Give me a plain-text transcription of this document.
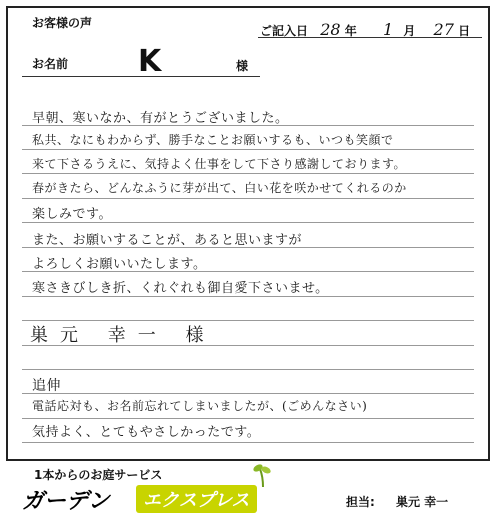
お客様の声
ご記入日 28 年 1 月 27 日
お名前 K	様
早朝、寒いなか、有がとうございました。
私共、なにもわからず、勝手なことお願いするも、いつも笑顔で
来て下さるうえに、気持よく仕事をして下さり感謝しております。
春がきたら、どんなふうに芽が出て、白い花を咲かせてくれるのか
楽しみです。
また、お願いすることが、あると思いますが
よろしくお願いいたします。
寒さきびしき折、くれぐれも御自愛下さいませ。
巣元 幸一 様
追伸
電話応対も、お名前忘れてしまいましたが、(ごめんなさい)
気持よく、とてもやさしかったです。
1本からのお庭サービス
ガーデン	エクスプレス	担当: 巣元 幸一
